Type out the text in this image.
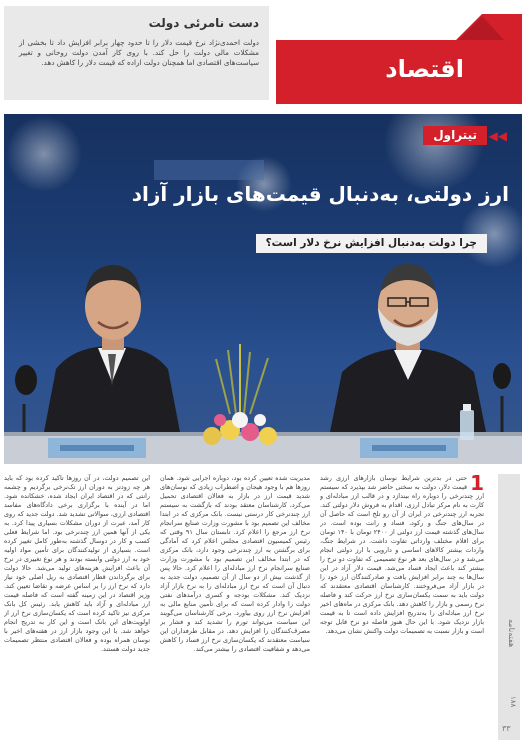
دست نامرئی دولت
دولت احمدی‌نژاد نرخ قیمت دلار را تا حدود چهار برابر افزایش داد تا بخشی از مشکلات مالی دولت را حل کند. با روی کار آمدن دولت روحانی و تغییر سیاست‌های اقتصادی اما همچنان دولت اراده که قیمت دلار را کاهش دهد.	اقتصاد
◀◀
تیتراول
ارز دولتی، به‌دنبال قیمت‌های بازار آزاد
چرا دولت به‌دنبال افزایش نرخ دلار است؟
1
حتی در بدترین شرایط نوسان بازارهای ارزی رشد قیمت دلار، دولت به سختی حاضر شد بپذیرد که سیستم ارز چندنرخی را دوباره راه بیندازد و در قالب ارز مبادله‌ای و کارت به نام مرکز تبادل ارزی، اقدام به فروش دلار دولتی کند. تجربه ارز چندنرخی در ایران از آن رو تلخ است که حاصل آن در سال‌های جنگ و رکود، فساد و رانت بوده است. در سال‌های گذشته قیمت ارز دولتی از ۲۴۰۰ تومان با ۱۴۰ تومان برای اقلام مختلف وارداتی تفاوت داشت. در شرایط جنگ، واردات بیشتر کالاهای اساسی و دارویی با ارز دولتی انجام می‌شد و در سال‌های بعد هر نوع تصمیمی که تفاوت دو نرخ را بیشتر کند باعث ایجاد فساد می‌شد. قیمت دلار آزاد در این سال‌ها به چند برابر افزایش یافت و صادرکنندگان ارز خود را در بازار آزاد می‌فروختند. کارشناسان اقتصادی معتقدند که دولت باید به سمت یکسان‌سازی نرخ ارز حرکت کند و فاصله نرخ رسمی و بازار را کاهش دهد. بانک مرکزی در ماه‌های اخیر نرخ ارز مبادله‌ای را به‌تدریج افزایش داده است تا به قیمت بازار نزدیک شود. با این حال هنوز فاصله دو نرخ قابل توجه است و بازار نسبت به تصمیمات دولت واکنش نشان می‌دهد.
مدیریت شده تعیین کرده بود، دوباره اجرایی شود. همان روزها هم با وجود هیجان و اضطراب زیادی که نوسان‌های شدید قیمت ارز در بازار به فعالان اقتصادی تحمیل می‌کرد، کارشناسان معتقد بودند که بازگشت به سیستم ارز چندنرخی کار درستی نیست. بانک مرکزی که در ابتدا مخالف این تصمیم بود با مشورت وزارت صنایع سرانجام نرخ ارز مرجع را اعلام کرد. تابستان سال ۹۱ وقتی که رئیس کمیسیون اقتصادی مجلس اعلام کرد که آمادگی برای برگشتن به ارز چندنرخی وجود دارد، بانک مرکزی که در ابتدا مخالف این تصمیم بود با مشورت وزارت صنایع سرانجام نرخ ارز مبادله‌ای را اعلام کرد. حالا پس از گذشت بیش از دو سال از آن تصمیم، دولت جدید به دنبال آن است که نرخ ارز مبادله‌ای را به نرخ بازار آزاد نزدیک کند. مشکلات بودجه و کسری درآمدهای نفتی دولت را وادار کرده است که برای تأمین منابع مالی به افزایش نرخ ارز روی بیاورد. برخی کارشناسان می‌گویند این سیاست می‌تواند تورم را تشدید کند و فشار بر مصرف‌کنندگان را افزایش دهد. در مقابل طرفداران این سیاست معتقدند که یکسان‌سازی نرخ ارز فساد را کاهش می‌دهد و شفافیت اقتصادی را بیشتر می‌کند.
این تصمیم دولت، در آن روزها تاکید کرده بود که باید هر چه زودتر به دوران ارز تک‌نرخی برگردیم و چشمه رانتی که در اقتصاد ایران ایجاد شده، خشکانده شود. اما در آینده با برگزاری برخی دادگاه‌های مفاسد اقتصادی ارزی، سوالاتی تشدید شد. دولت جدید که روی کار آمد، عبرت از دوران مشکلات بسیاری پیدا کرد. به یکی از آنها همین ارز چندنرخی بود. اما شرایط فعلی کسب و کار در دوسال گذشته به‌طور کامل تغییر کرده است. بسیاری از تولیدکنندگان برای تأمین مواد اولیه خود به ارز دولتی وابسته بودند و هر نوع تغییری در نرخ آن باعث افزایش هزینه‌های تولید می‌شد. حالا دولت برای برگرداندن قطار اقتصادی به ریل اصلی خود نیاز دارد که نرخ ارز را بر اساس عرضه و تقاضا تعیین کند. وزیر اقتصاد در این زمینه گفته است که فاصله قیمت ارز مبادله‌ای و آزاد باید کاهش یابد. رئیس کل بانک مرکزی نیز تاکید کرده است که یکسان‌سازی نرخ ارز از اولویت‌های این بانک است و این کار به تدریج انجام خواهد شد. با این وجود بازار ارز در هفته‌های اخیر با نوسان همراه بوده و فعالان اقتصادی منتظر تصمیمات جدید دولت هستند.
هفته‌نامه
۱۸۸
۳۳
